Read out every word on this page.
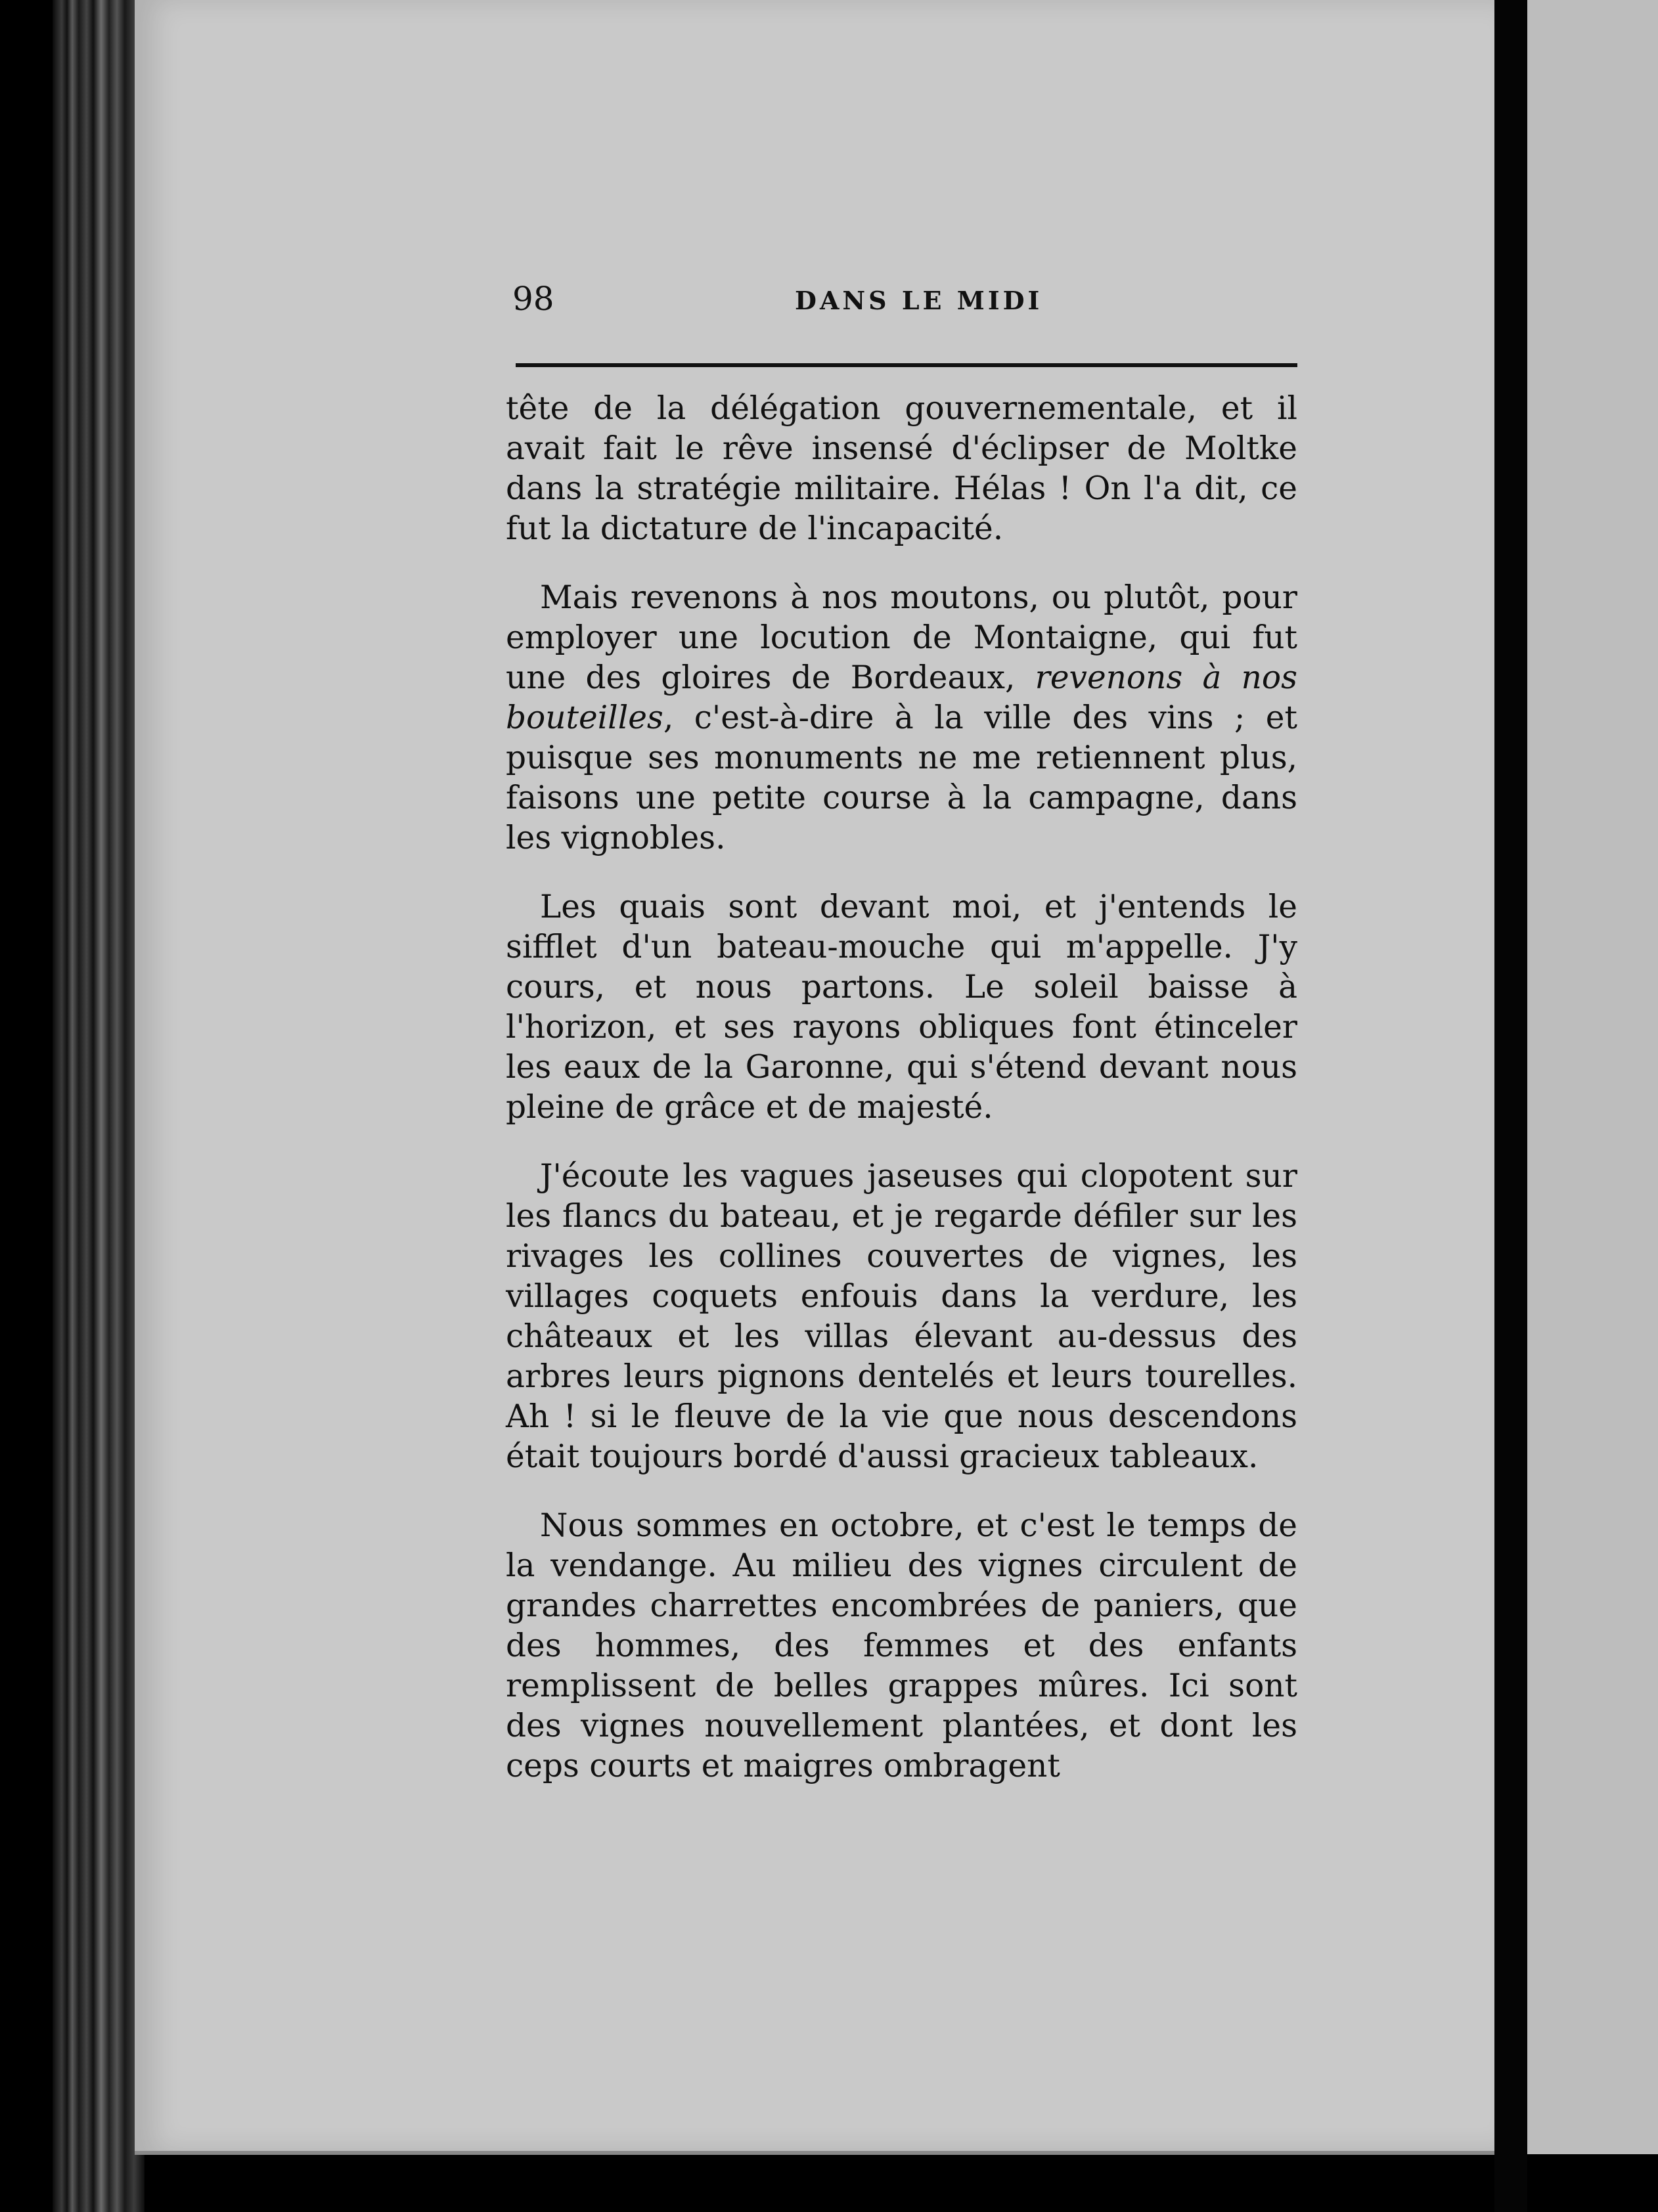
98	DANS LE MIDI

tête de la délégation gouvernementale, et il avait fait le rêve insensé d'éclipser de Moltke dans la stratégie militaire. Hélas ! On l'a dit, ce fut la dictature de l'incapacité.

Mais revenons à nos moutons, ou plutôt, pour employer une locution de Montaigne, qui fut une des gloires de Bordeaux, revenons à nos bouteilles, c'est-à-dire à la ville des vins ; et puisque ses monuments ne me retiennent plus, faisons une petite course à la campagne, dans les vignobles.

Les quais sont devant moi, et j'entends le sifflet d'un bateau-mouche qui m'appelle. J'y cours, et nous partons. Le soleil baisse à l'horizon, et ses rayons obliques font étinceler les eaux de la Garonne, qui s'étend devant nous pleine de grâce et de majesté.

J'écoute les vagues jaseuses qui clopotent sur les flancs du bateau, et je regarde défiler sur les rivages les collines couvertes de vignes, les villages coquets enfouis dans la verdure, les châteaux et les villas élevant au-dessus des arbres leurs pignons dentelés et leurs tourelles. Ah ! si le fleuve de la vie que nous descendons était toujours bordé d'aussi gracieux tableaux.

Nous sommes en octobre, et c'est le temps de la vendange. Au milieu des vignes circulent de grandes charrettes encombrées de paniers, que des hommes, des femmes et des enfants remplissent de belles grappes mûres. Ici sont des vignes nouvellement plantées, et dont les ceps courts et maigres ombragent
